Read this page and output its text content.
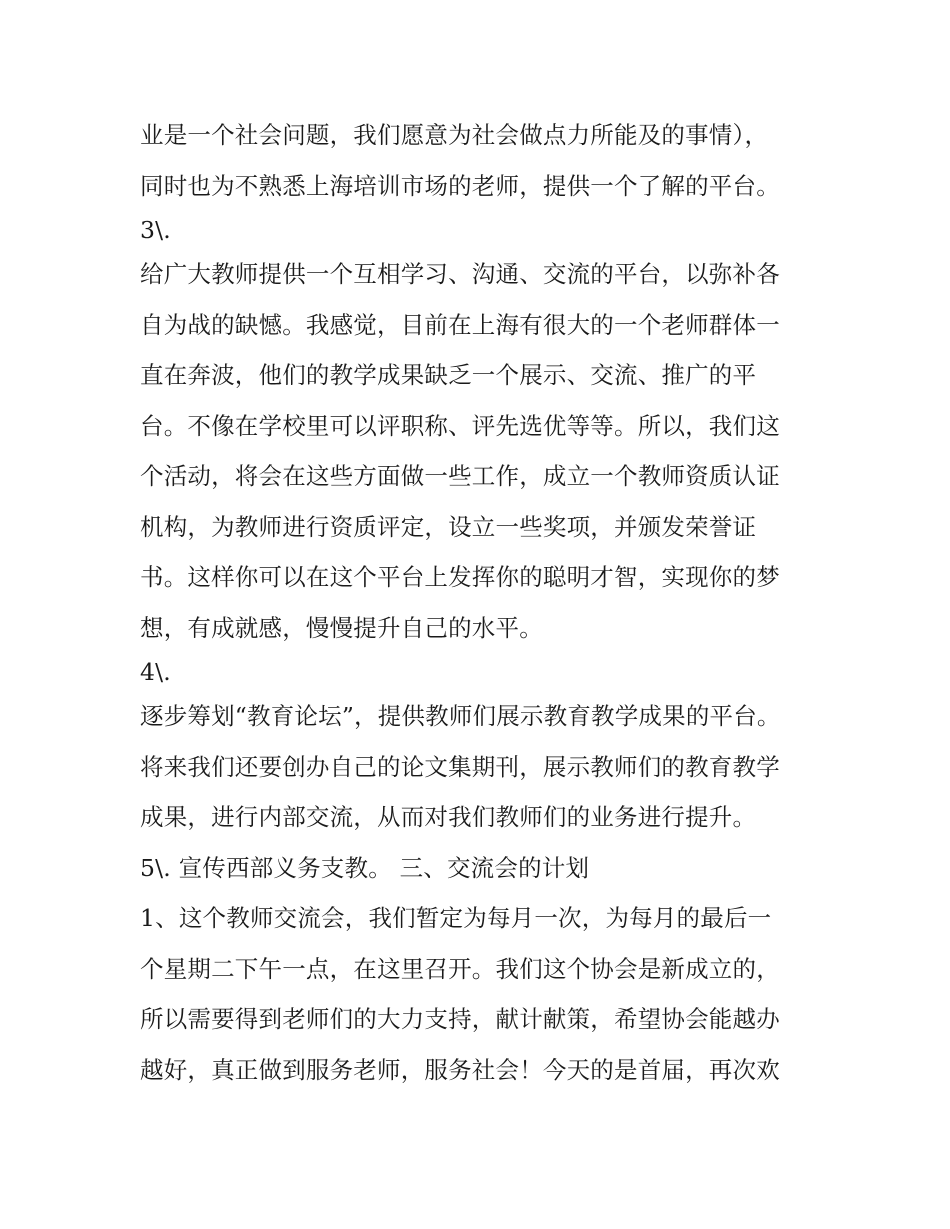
业是一个社会问题，我们愿意为社会做点力所能及的事情），
同时也为不熟悉上海培训市场的老师，提供一个了解的平台。
3\.
给广大教师提供一个互相学习、沟通、交流的平台，以弥补各
自为战的缺憾。我感觉，目前在上海有很大的一个老师群体一
直在奔波，他们的教学成果缺乏一个展示、交流、推广的平
台。不像在学校里可以评职称、评先选优等等。所以，我们这
个活动，将会在这些方面做一些工作，成立一个教师资质认证
机构，为教师进行资质评定，设立一些奖项，并颁发荣誉证
书。这样你可以在这个平台上发挥你的聪明才智，实现你的梦
想，有成就感，慢慢提升自己的水平。
4\.
逐步筹划“教育论坛”，提供教师们展示教育教学成果的平台。
将来我们还要创办自己的论文集期刊，展示教师们的教育教学
成果，进行内部交流，从而对我们教师们的业务进行提升。
5\. 宣传西部义务支教。 三、交流会的计划
1、这个教师交流会，我们暂定为每月一次，为每月的最后一
个星期二下午一点，在这里召开。我们这个协会是新成立的，
所以需要得到老师们的大力支持，献计献策，希望协会能越办
越好，真正做到服务老师，服务社会！今天的是首届，再次欢
